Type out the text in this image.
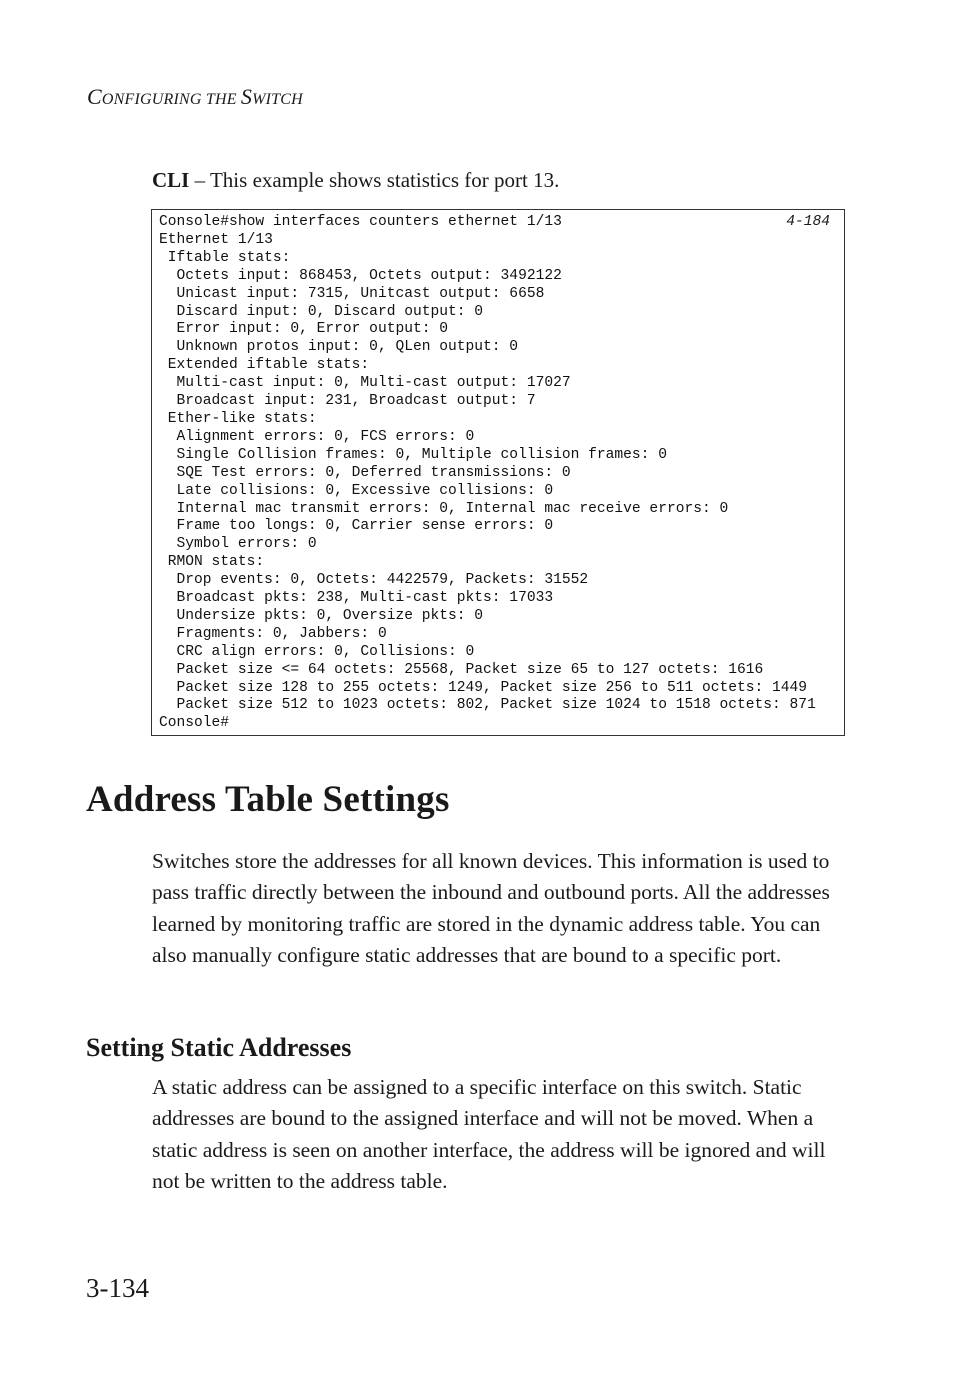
CONFIGURING THE SWITCH
CLI – This example shows statistics for port 13.
Console#show interfaces counters ethernet 1/13
Ethernet 1/13
Iftable stats:
Octets input: 868453, Octets output: 3492122
Unicast input: 7315, Unitcast output: 6658
Discard input: 0, Discard output: 0
Error input: 0, Error output: 0
Unknown protos input: 0, QLen output: 0
Extended iftable stats:
Multi-cast input: 0, Multi-cast output: 17027
Broadcast input: 231, Broadcast output: 7
Ether-like stats:
Alignment errors: 0, FCS errors: 0
Single Collision frames: 0, Multiple collision frames: 0
SQE Test errors: 0, Deferred transmissions: 0
Late collisions: 0, Excessive collisions: 0
Internal mac transmit errors: 0, Internal mac receive errors: 0
Frame too longs: 0, Carrier sense errors: 0
Symbol errors: 0
RMON stats:
Drop events: 0, Octets: 4422579, Packets: 31552
Broadcast pkts: 238, Multi-cast pkts: 17033
Undersize pkts: 0, Oversize pkts: 0
Fragments: 0, Jabbers: 0
CRC align errors: 0, Collisions: 0
Packet size <= 64 octets: 25568, Packet size 65 to 127 octets: 1616
Packet size 128 to 255 octets: 1249, Packet size 256 to 511 octets: 1449
Packet size 512 to 1023 octets: 802, Packet size 1024 to 1518 octets: 871
Console#
4-184
Address Table Settings

Switches store the addresses for all known devices. This information is used to pass traffic directly between the inbound and outbound ports. All the addresses learned by monitoring traffic are stored in the dynamic address table. You can also manually configure static addresses that are bound to a specific port.

Setting Static Addresses

A static address can be assigned to a specific interface on this switch. Static addresses are bound to the assigned interface and will not be moved. When a static address is seen on another interface, the address will be ignored and will not be written to the address table.

3-134
